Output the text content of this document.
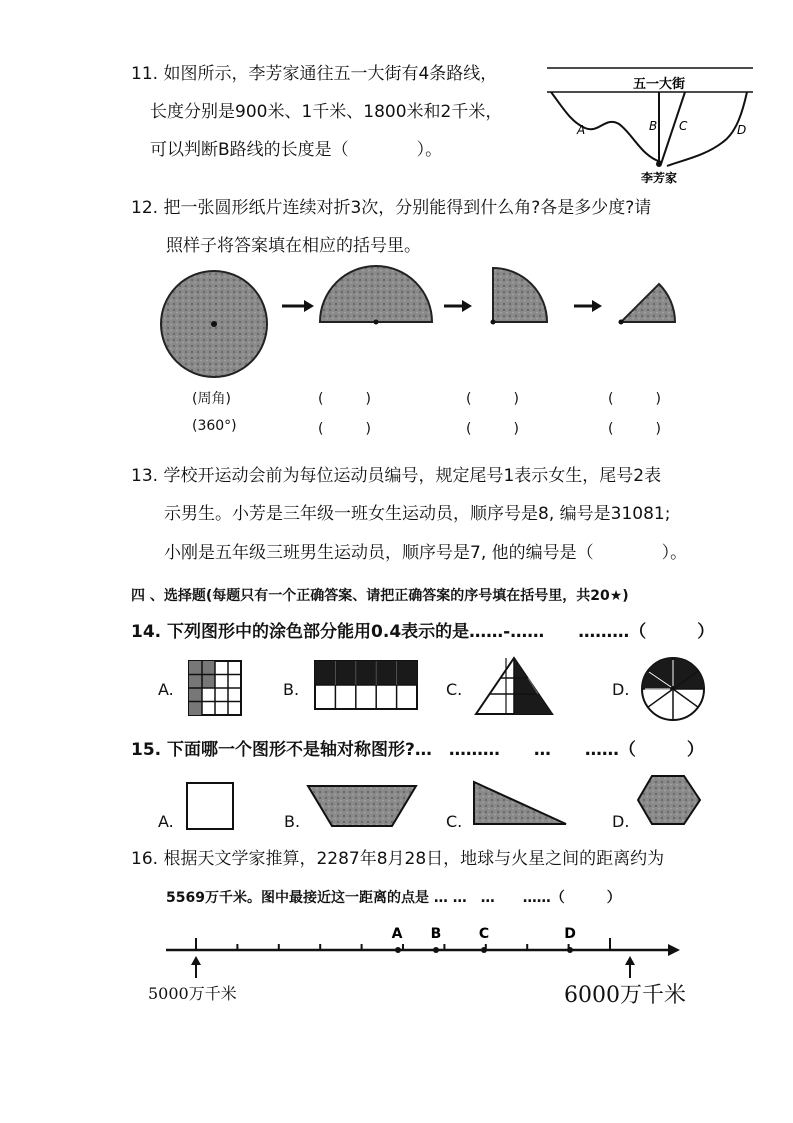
11. 如图所示，李芳家通往五一大街有4条路线，
长度分别是900米、1千米、1800米和2千米，
可以判断B路线的长度是（　　　　）。
五一大街
A	B C	D
李芳家
12. 把一张圆形纸片连续对折3次，分别能得到什么角?各是多少度?请
照样子将答案填在相应的括号里。
(周角)	(　　　)	(　　　)	(　　　)
(360°)	(　　　)	(　　　)	(　　　)
13. 学校开运动会前为每位运动员编号，规定尾号1表示女生，尾号2表
示男生。小芳是三年级一班女生运动员，顺序号是8, 编号是31081;
小刚是五年级三班男生运动员，顺序号是7, 他的编号是（　　　　）。
四 、选择题(每题只有一个正确答案、请把正确答案的序号填在括号里，共20★)
14. 下列图形中的涂色部分能用0.4表示的是……-……　　………（　　　）
A.	B.	C.	D.
15. 下面哪一个图形不是轴对称图形?…　………　　…　　……（　　　）
A.	B.	C.	D.
16. 根据天文学家推算，2287年8月28日，地球与火星之间的距离约为
5569万千米。图中最接近这一距离的点是 … …　…　　……（　　　）
A B	C	D
5000万千米	6000万千米
